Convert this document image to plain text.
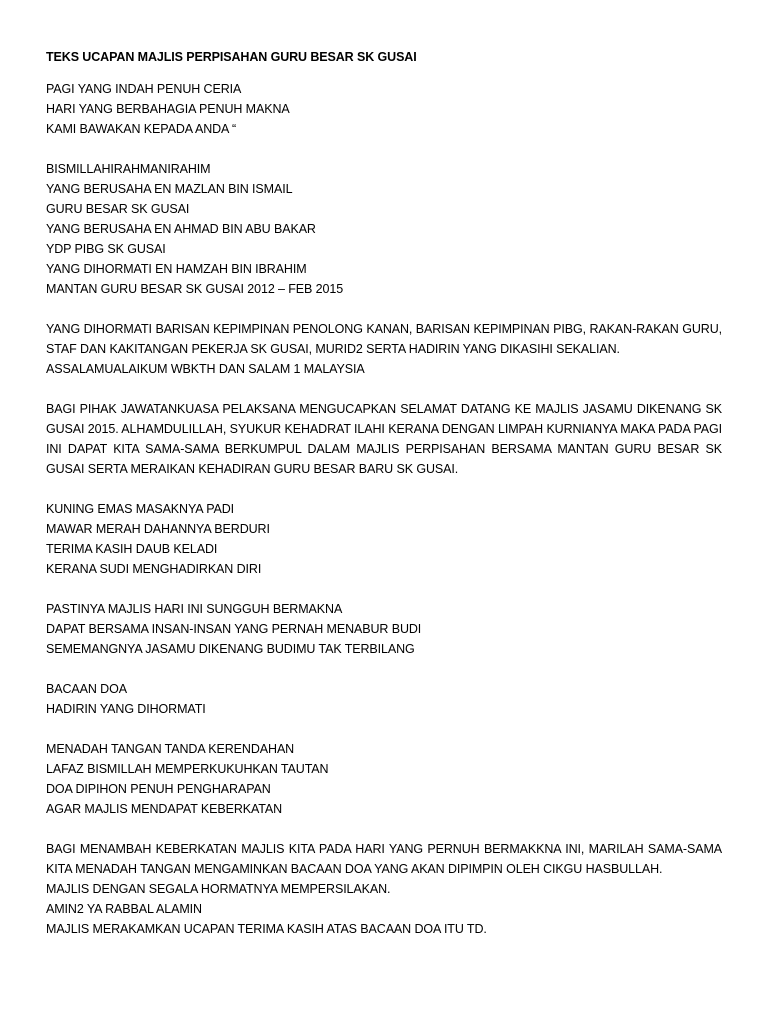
TEKS UCAPAN MAJLIS PERPISAHAN GURU BESAR SK GUSAI
PAGI YANG INDAH PENUH CERIA
HARI YANG BERBAHAGIA PENUH MAKNA
KAMI BAWAKAN KEPADA ANDA “
BISMILLAHIRAHMANIRAHIM
YANG BERUSAHA EN MAZLAN BIN ISMAIL
GURU BESAR SK GUSAI
YANG BERUSAHA EN AHMAD BIN ABU BAKAR
YDP PIBG SK GUSAI
YANG DIHORMATI EN HAMZAH BIN IBRAHIM
MANTAN GURU BESAR SK GUSAI 2012 – FEB 2015

YANG DIHORMATI BARISAN KEPIMPINAN PENOLONG KANAN, BARISAN KEPIMPINAN PIBG, RAKAN-RAKAN GURU, STAF DAN KAKITANGAN PEKERJA SK GUSAI, MURID2 SERTA HADIRIN YANG DIKASIHI SEKALIAN.

ASSALAMUALAIKUM WBKTH DAN SALAM 1 MALAYSIA

BAGI PIHAK JAWATANKUASA PELAKSANA MENGUCAPKAN SELAMAT DATANG KE MAJLIS JASAMU DIKENANG SK GUSAI 2015. ALHAMDULILLAH, SYUKUR KEHADRAT ILAHI KERANA DENGAN LIMPAH KURNIANYA MAKA PADA PAGI INI DAPAT KITA SAMA-SAMA BERKUMPUL DALAM MAJLIS PERPISAHAN BERSAMA MANTAN GURU BESAR SK GUSAI SERTA MERAIKAN KEHADIRAN GURU BESAR BARU SK GUSAI.

KUNING EMAS MASAKNYA PADI
MAWAR MERAH DAHANNYA BERDURI
TERIMA KASIH DAUB KELADI
KERANA SUDI MENGHADIRKAN DIRI
PASTINYA MAJLIS HARI INI SUNGGUH BERMAKNA
DAPAT BERSAMA INSAN-INSAN YANG PERNAH MENABUR BUDI
SEMEMANGNYA JASAMU DIKENANG BUDIMU TAK TERBILANG
BACAAN DOA
HADIRIN YANG DIHORMATI
MENADAH TANGAN TANDA KERENDAHAN
LAFAZ BISMILLAH MEMPERKUKUHKAN TAUTAN
DOA DIPIHON PENUH PENGHARAPAN
AGAR MAJLIS MENDAPAT KEBERKATAN

BAGI MENAMBAH KEBERKATAN MAJLIS KITA PADA HARI YANG PERNUH BERMAKKNA INI, MARILAH SAMA-SAMA KITA MENADAH TANGAN MENGAMINKAN BACAAN DOA YANG AKAN DIPIMPIN OLEH CIKGU HASBULLAH.

MAJLIS DENGAN SEGALA HORMATNYA MEMPERSILAKAN.
AMIN2 YA RABBAL ALAMIN
MAJLIS MERAKAMKAN UCAPAN TERIMA KASIH ATAS BACAAN DOA ITU TD.
